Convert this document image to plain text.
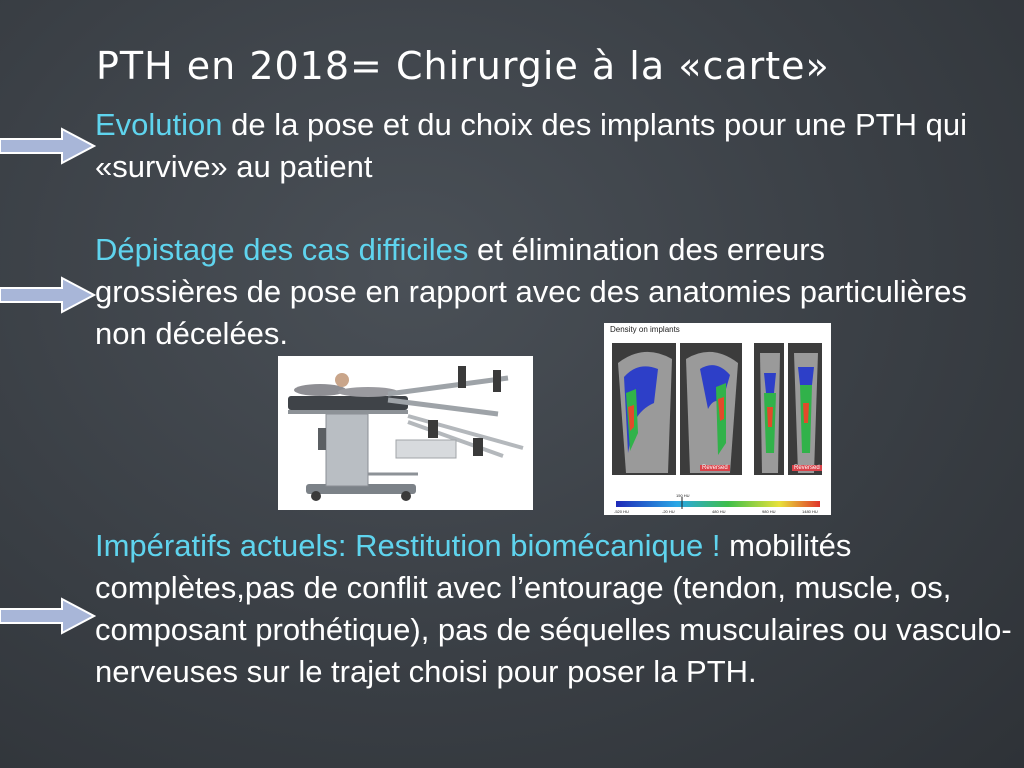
PTH en 2018= Chirurgie à la «carte»

Evolution de la pose et du choix des implants pour une PTH qui «survive» au patient

Dépistage des cas difficiles et élimination des erreurs grossières de pose en rapport avec des anatomies particulières non décelées.

Impératifs actuels: Restitution biomécanique ! mobilités complètes,pas de conflit avec l’entourage (tendon, muscle, os, composant prothétique), pas de séquelles musculaires ou vasculo-nerveuses sur le trajet choisi pour poser la PTH.

Density on implants
Reversed	Reversed
150 HU
-520 HU	-20 HU	480 HU	980 HU	1480 HU
